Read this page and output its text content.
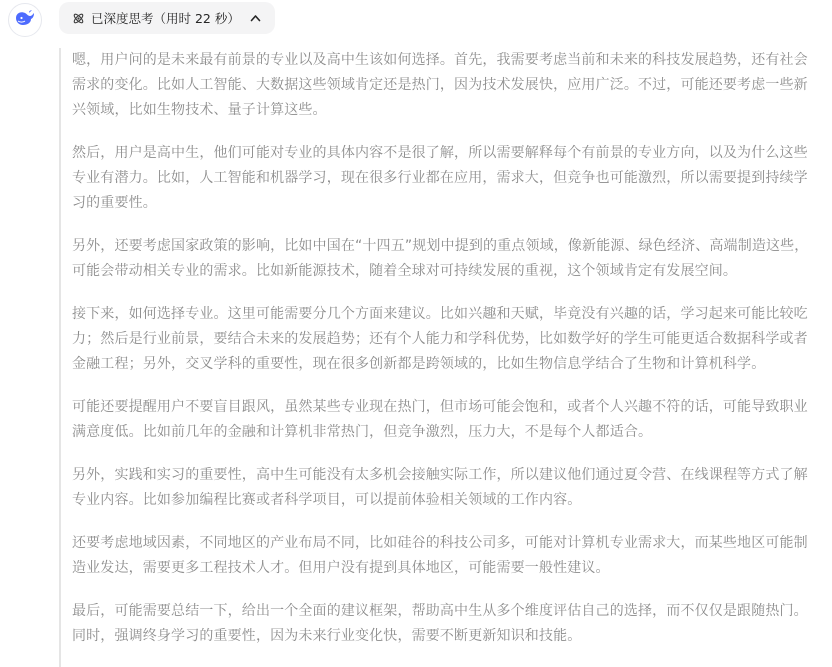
已深度思考（用时 22 秒）

嗯，用户问的是未来最有前景的专业以及高中生该如何选择。首先，我需要考虑当前和未来的科技发展趋势，还有社会需求的变化。比如人工智能、大数据这些领域肯定还是热门，因为技术发展快，应用广泛。不过，可能还要考虑一些新兴领域，比如生物技术、量子计算这些。

然后，用户是高中生，他们可能对专业的具体内容不是很了解，所以需要解释每个有前景的专业方向，以及为什么这些专业有潜力。比如，人工智能和机器学习，现在很多行业都在应用，需求大，但竞争也可能激烈，所以需要提到持续学习的重要性。

另外，还要考虑国家政策的影响，比如中国在“十四五”规划中提到的重点领域，像新能源、绿色经济、高端制造这些，可能会带动相关专业的需求。比如新能源技术，随着全球对可持续发展的重视，这个领域肯定有发展空间。

接下来，如何选择专业。这里可能需要分几个方面来建议。比如兴趣和天赋，毕竟没有兴趣的话，学习起来可能比较吃力；然后是行业前景，要结合未来的发展趋势；还有个人能力和学科优势，比如数学好的学生可能更适合数据科学或者金融工程；另外，交叉学科的重要性，现在很多创新都是跨领域的，比如生物信息学结合了生物和计算机科学。

可能还要提醒用户不要盲目跟风，虽然某些专业现在热门，但市场可能会饱和，或者个人兴趣不符的话，可能导致职业满意度低。比如前几年的金融和计算机非常热门，但竞争激烈，压力大，不是每个人都适合。

另外，实践和实习的重要性，高中生可能没有太多机会接触实际工作，所以建议他们通过夏令营、在线课程等方式了解专业内容。比如参加编程比赛或者科学项目，可以提前体验相关领域的工作内容。

还要考虑地域因素，不同地区的产业布局不同，比如硅谷的科技公司多，可能对计算机专业需求大，而某些地区可能制造业发达，需要更多工程技术人才。但用户没有提到具体地区，可能需要一般性建议。

最后，可能需要总结一下，给出一个全面的建议框架，帮助高中生从多个维度评估自己的选择，而不仅仅是跟随热门。同时，强调终身学习的重要性，因为未来行业变化快，需要不断更新知识和技能。
